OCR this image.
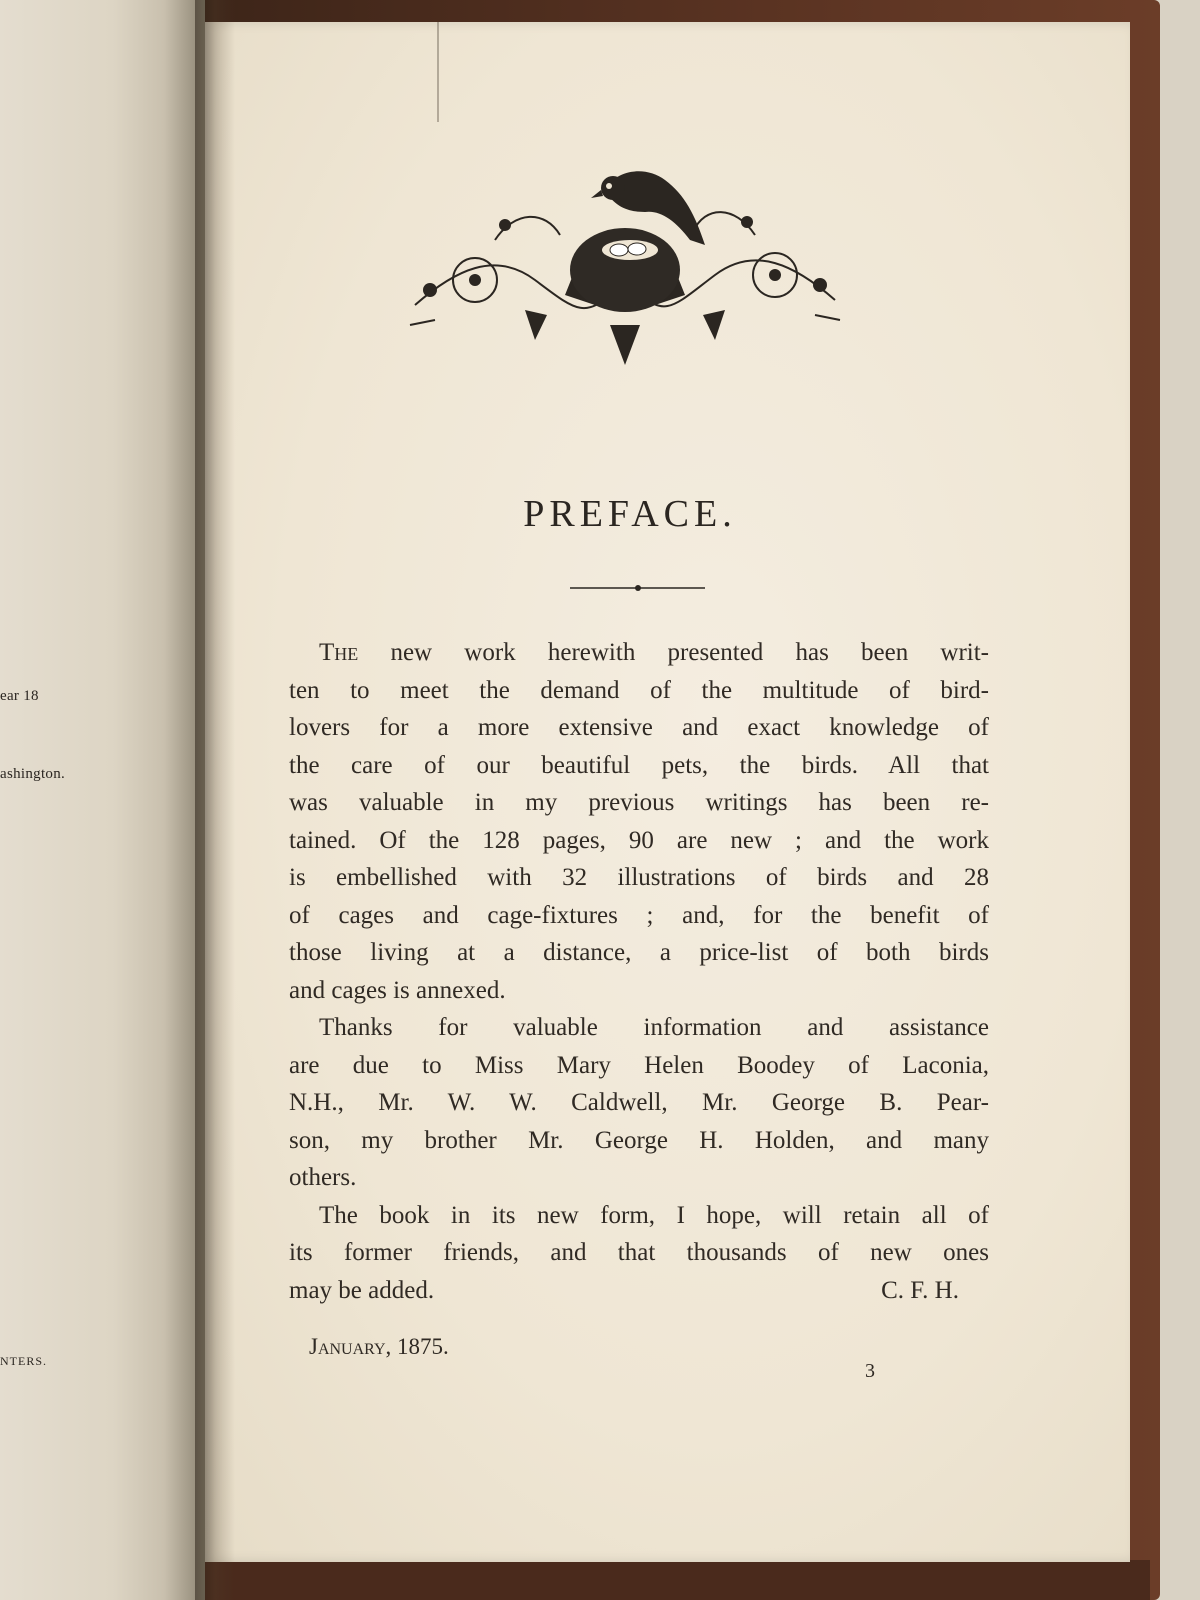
ear 18
ashington.
NTERS.
PREFACE.

The new work herewith presented has been writ-
ten to meet the demand of the multitude of bird-
lovers for a more extensive and exact knowledge of
the care of our beautiful pets, the birds. All that
was valuable in my previous writings has been re-
tained. Of the 128 pages, 90 are new ; and the work
is embellished with 32 illustrations of birds and 28
of cages and cage-fixtures ; and, for the benefit of
those living at a distance, a price-list of both birds
and cages is annexed.

Thanks for valuable information and assistance
are due to Miss Mary Helen Boodey of Laconia,
N.H., Mr. W. W. Caldwell, Mr. George B. Pear-
son, my brother Mr. George H. Holden, and many
others.

The book in its new form, I hope, will retain all of
its former friends, and that thousands of new ones
may be added.	C. F. H.

January, 1875.
3
